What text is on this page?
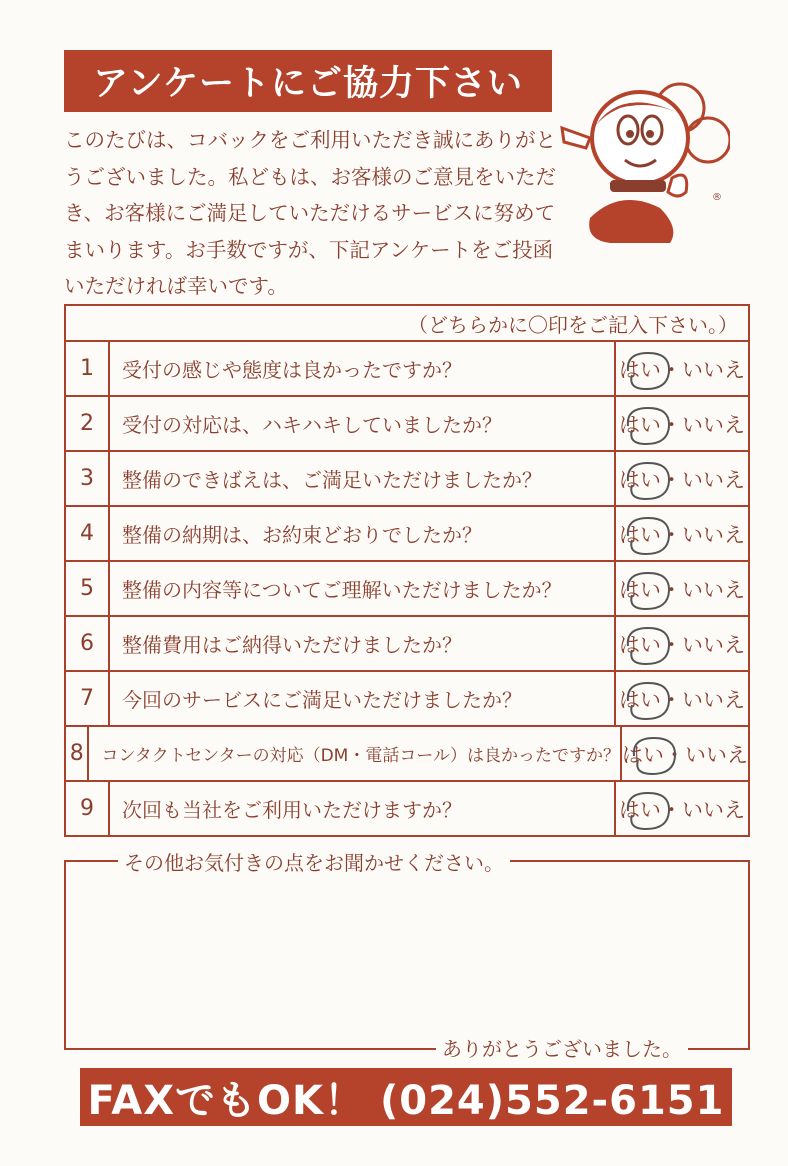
アンケートにご協力下さい
このたびは、コバックをご利用いただき誠にありがとうございました。私どもは、お客様のご意見をいただき、お客様にご満足していただけるサービスに努めてまいります。お手数ですが、下記アンケートをご投函いただければ幸いです。
®
（どちらかに〇印をご記入下さい。）
1	受付の感じや態度は良かったですか？	はい・いいえ
2	受付の対応は、ハキハキしていましたか？	はい・いいえ
3	整備のできばえは、ご満足いただけましたか？	はい・いいえ
4	整備の納期は、お約束どおりでしたか？	はい・いいえ
5	整備の内容等についてご理解いただけましたか？	はい・いいえ
6	整備費用はご納得いただけましたか？	はい・いいえ
7	今回のサービスにご満足いただけましたか？	はい・いいえ
8	コンタクトセンターの対応（DM・電話コール）は良かったですか？ はい・いいえ
9	次回も当社をご利用いただけますか？	はい・いいえ
その他お気付きの点をお聞かせください。
ありがとうございました。
FAXでもOK！ (024)552-6151
